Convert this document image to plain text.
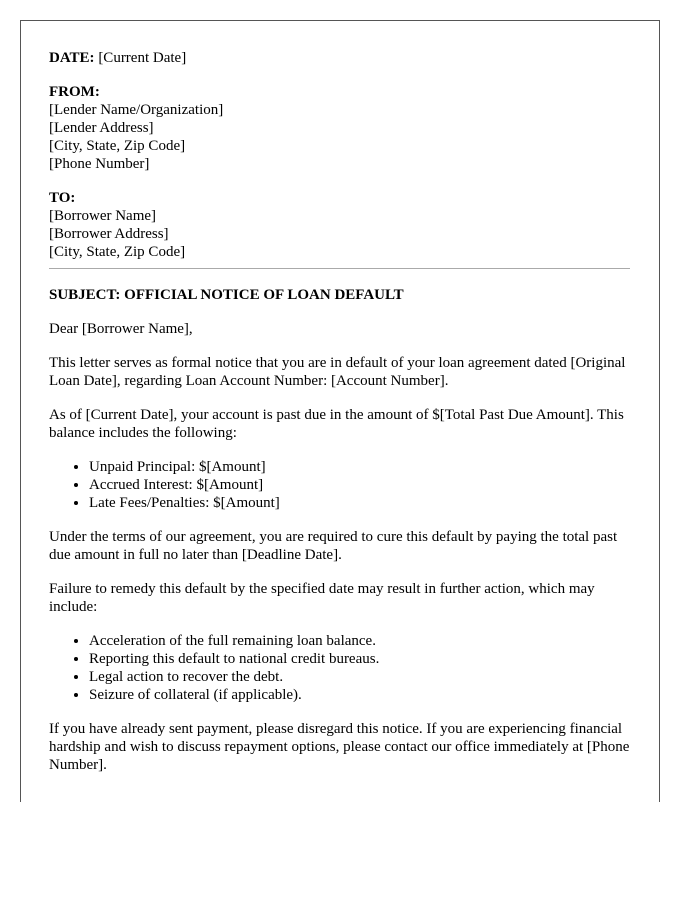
DATE: [Current Date]
FROM:
[Lender Name/Organization]
[Lender Address]
[City, State, Zip Code]
[Phone Number]
TO:
[Borrower Name]
[Borrower Address]
[City, State, Zip Code]

SUBJECT: OFFICIAL NOTICE OF LOAN DEFAULT

Dear [Borrower Name],

This letter serves as formal notice that you are in default of your loan agreement dated [Original Loan Date], regarding Loan Account Number: [Account Number].

As of [Current Date], your account is past due in the amount of $[Total Past Due Amount]. This balance includes the following:

• Unpaid Principal: $[Amount]
• Accrued Interest: $[Amount]
• Late Fees/Penalties: $[Amount]

Under the terms of our agreement, you are required to cure this default by paying the total past due amount in full no later than [Deadline Date].

Failure to remedy this default by the specified date may result in further action, which may include:

• Acceleration of the full remaining loan balance.
• Reporting this default to national credit bureaus.
• Legal action to recover the debt.
• Seizure of collateral (if applicable).

If you have already sent payment, please disregard this notice. If you are experiencing financial hardship and wish to discuss repayment options, please contact our office immediately at [Phone Number].
